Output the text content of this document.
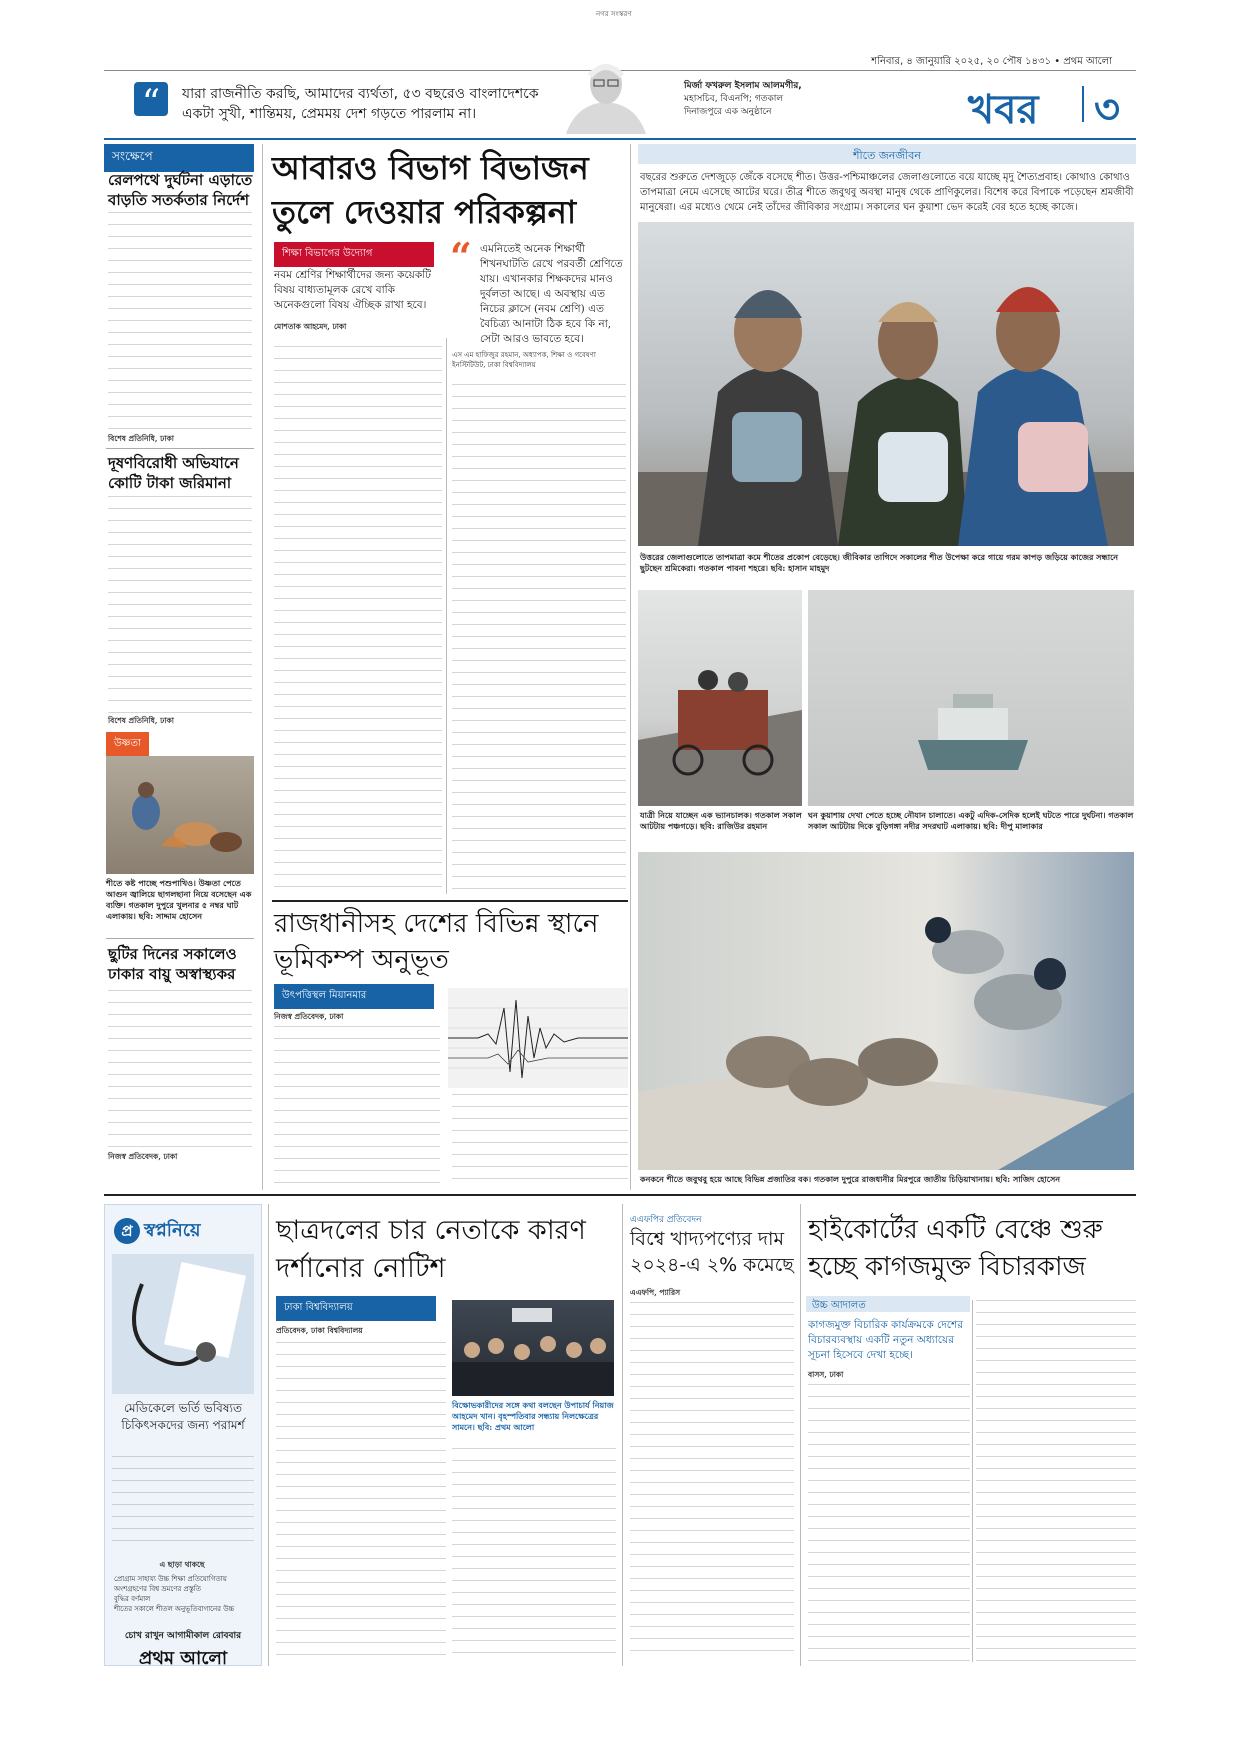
নগর সংস্করণ
শনিবার, ৪ জানুয়ারি ২০২৫, ২০ পৌষ ১৪৩১ • প্রথম আলো
“	যারা রাজনীতি করছি, আমাদের ব্যর্থতা, ৫৩ বছরেও বাংলাদেশকে একটা সুখী, শান্তিময়, প্রেমময় দেশ গড়তে পারলাম না।
মির্জা ফখরুল ইসলাম আলমগীর,
মহাসচিব, বিএনপি; গতকাল
দিনাজপুরে এক অনুষ্ঠানে	খবর ৩
সংক্ষেপে
রেলপথে দুর্ঘটনা এড়াতে বাড়তি সতর্কতার নির্দেশ
বিশেষ প্রতিনিধি, ঢাকা
দূষণবিরোধী অভিযানে কোটি টাকা জরিমানা
বিশেষ প্রতিনিধি, ঢাকা
উষ্ণতা
শীতে কষ্ট পাচ্ছে পশুপাখিও। উষ্ণতা পেতে আগুন জ্বালিয়ে ছাগলছানা নিয়ে বসেছেন এক ব্যক্তি। গতকাল দুপুরে খুলনার ৫ নম্বর ঘাট এলাকায়। ছবি: সাদ্দাম হোসেন
ছুটির দিনের সকালেও ঢাকার বায়ু অস্বাস্থ্যকর
নিজস্ব প্রতিবেদক, ঢাকা
আবারও বিভাগ বিভাজন তুলে দেওয়ার পরিকল্পনা
শিক্ষা বিভাগের উদ্যোগ
নবম শ্রেণির শিক্ষার্থীদের জন্য কয়েকটি বিষয় বাধ্যতামূলক রেখে বাকি অনেকগুলো বিষয় ঐচ্ছিক রাখা হবে।
“ এমনিতেই অনেক শিক্ষার্থী শিখনঘাটতি রেখে পরবর্তী শ্রেণিতে যায়। এখানকার শিক্ষকদের মানও দুর্বলতা আছে। এ অবস্থায় এত নিচের ক্লাসে (নবম শ্রেণি) এত বৈচিত্র্য আনাটা ঠিক হবে কি না, সেটা আরও ভাবতে হবে।
মোশতাক আহমেদ, ঢাকা
এস এম হাফিজুর রহমান, অধ্যাপক, শিক্ষা ও গবেষণা ইনস্টিটিউট, ঢাকা বিশ্ববিদ্যালয়
রাজধানীসহ দেশের বিভিন্ন স্থানে ভূমিকম্প অনুভূত
উৎপত্তিস্থল মিয়ানমার
নিজস্ব প্রতিবেদক, ঢাকা
শীতে জনজীবন
বছরের শুরুতে দেশজুড়ে জেঁকে বসেছে শীত। উত্তর-পশ্চিমাঞ্চলের জেলাগুলোতে বয়ে যাচ্ছে মৃদু শৈত্যপ্রবাহ। কোথাও কোথাও তাপমাত্রা নেমে এসেছে আটের ঘরে। তীব্র শীতে জবুথবু অবস্থা মানুষ থেকে প্রাণিকুলের। বিশেষ করে বিপাকে পড়েছেন শ্রমজীবী মানুষেরা। এর মধ্যেও থেমে নেই তাঁদের জীবিকার সংগ্রাম। সকালের ঘন কুয়াশা ভেদ করেই বের হতে হচ্ছে কাজে।
উত্তরের জেলাগুলোতে তাপমাত্রা কমে শীতের প্রকোপ বেড়েছে। জীবিকার তাগিদে সকালের শীত উপেক্ষা করে গায়ে গরম কাপড় জড়িয়ে কাজের সন্ধানে ছুটছেন শ্রমিকেরা। গতকাল পাবনা শহরে। ছবি: হাসান মাহমুদ
যাত্রী নিয়ে যাচ্ছেন এক ভ্যানচালক। গতকাল সকাল আটটায় পঞ্চগড়ে। ছবি: রাজিউর রহমান
ঘন কুয়াশায় দেখা পেতে হচ্ছে নৌযান চালাতে। একটু এদিক-সেদিক হলেই ঘটতে পারে দুর্ঘটনা। গতকাল সকাল আটটায় দিকে বুড়িগঙ্গা নদীর সদরঘাট এলাকায়। ছবি: দীপু মালাকার
কনকনে শীতে জবুথবু হয়ে আছে বিভিন্ন প্রজাতির বক। গতকাল দুপুরে রাজধানীর মিরপুরে জাতীয় চিড়িয়াখানায়। ছবি: সাজিদ হোসেন
প্র স্বপ্ননিয়ে
মেডিকেলে ভর্তি ভবিষ্যত চিকিৎসকদের জন্য পরামর্শ
এ ছাড়া থাকছে
প্রোগ্রাম সাহায্য উচ্চ শিক্ষা প্রতিযোগিতায় অংশগ্রহণের বিশ্ব ভ্রমণের প্রস্তুতি
বুদ্ধির বর্ণমাল
শীতের সকালে শীতল অনুভূতিবাগানের উচ্চ
চোখ রাখুন আগামীকাল রোববার
প্রথম আলো
ছাত্রদলের চার নেতাকে কারণ দর্শানোর নোটিশ
ঢাকা বিশ্ববিদ্যালয়
প্রতিবেদক, ঢাকা বিশ্ববিদ্যালয়
বিক্ষোভকারীদের সঙ্গে কথা বলছেন উপাচার্য নিয়াজ আহমেদ খান। বৃহস্পতিবার সন্ধ্যায় নিলক্ষেত্রের সামনে। ছবি: প্রথম আলো
এএফপির প্রতিবেদন
বিশ্বে খাদ্যপণ্যের দাম ২০২৪-এ ২% কমেছে
এএফপি, প্যারিস
হাইকোর্টের একটি বেঞ্চে শুরু হচ্ছে কাগজমুক্ত বিচারকাজ
উচ্চ আদালত
কাগজমুক্ত বিচারিক কার্যক্রমকে দেশের বিচারব্যবস্থায় একটি নতুন অধ্যায়ের সূচনা হিসেবে দেখা হচ্ছে।
বাসস, ঢাকা
